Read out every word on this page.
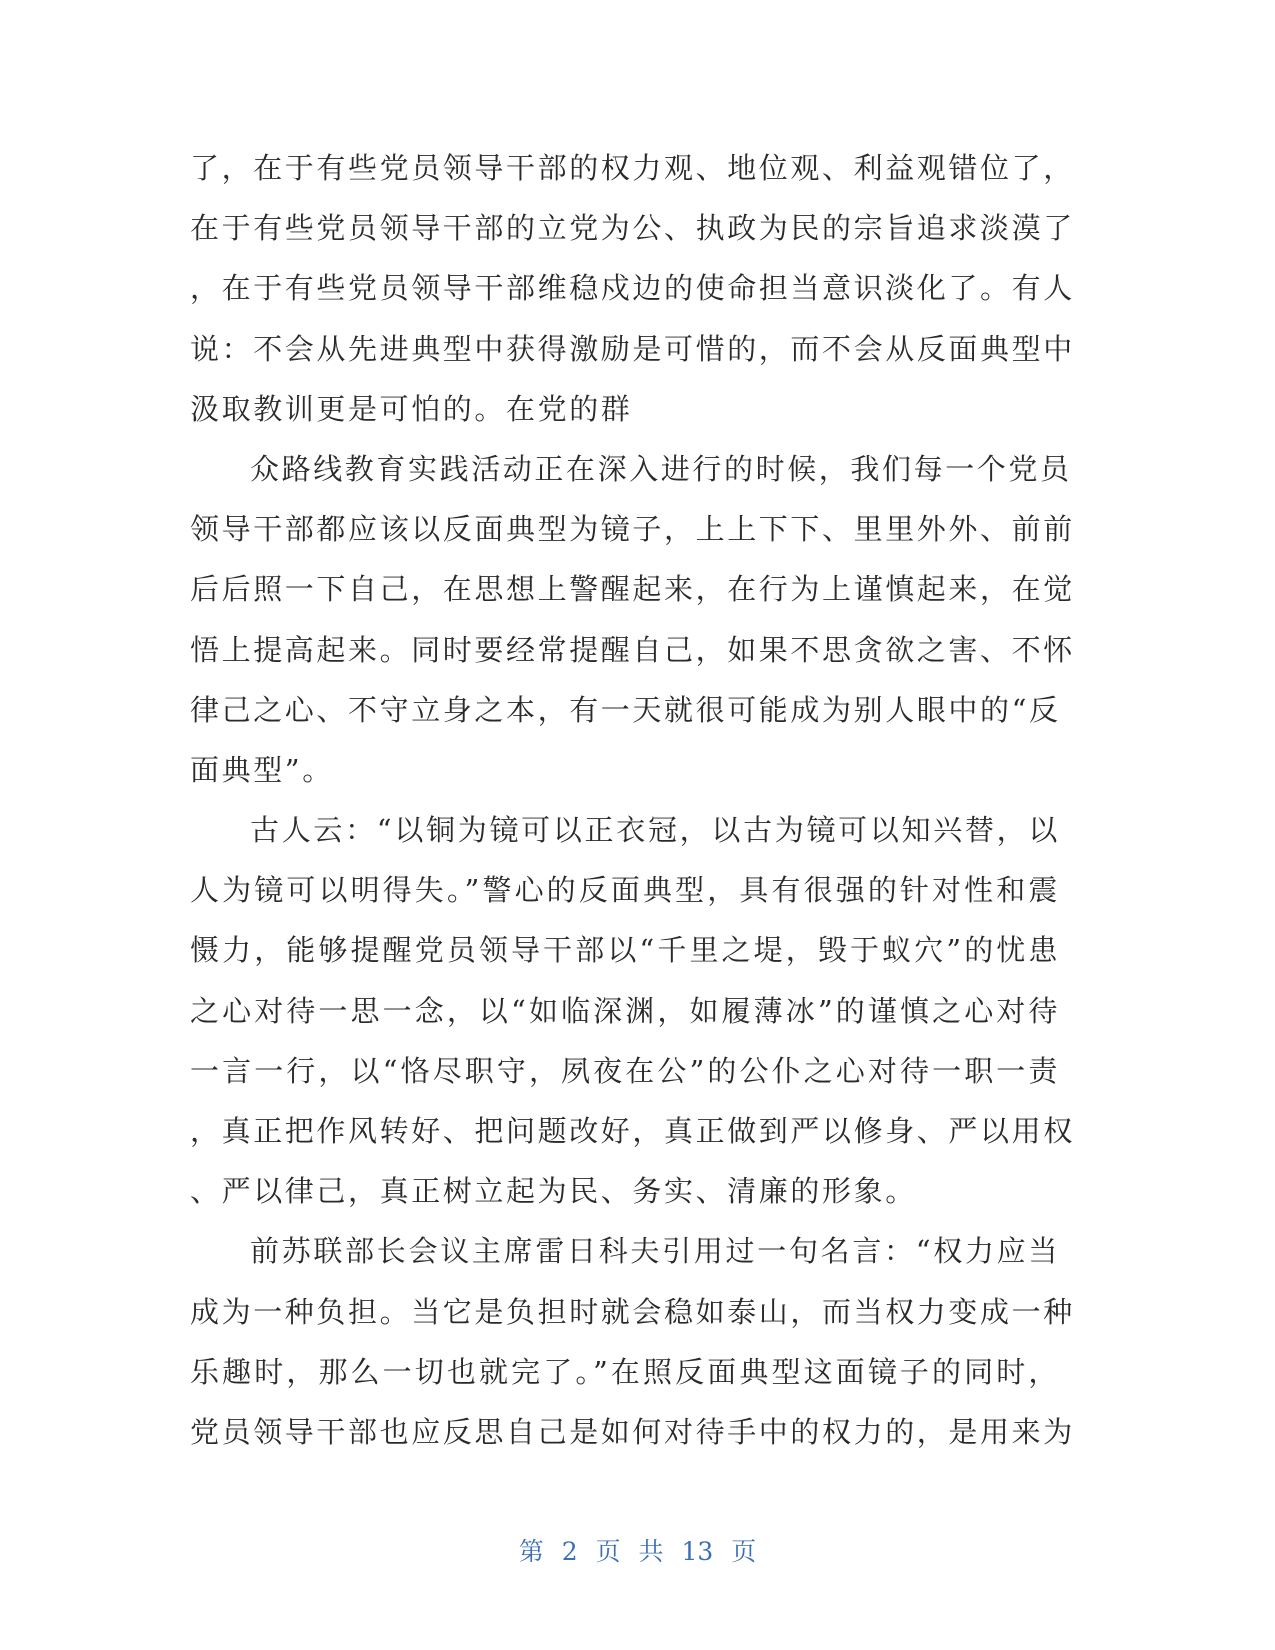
了，在于有些党员领导干部的权力观、地位观、利益观错位了，
在于有些党员领导干部的立党为公、执政为民的宗旨追求淡漠了
，在于有些党员领导干部维稳戍边的使命担当意识淡化了。有人
说：不会从先进典型中获得激励是可惜的，而不会从反面典型中
汲取教训更是可怕的。在党的群
众路线教育实践活动正在深入进行的时候，我们每一个党员
领导干部都应该以反面典型为镜子，上上下下、里里外外、前前
后后照一下自己，在思想上警醒起来，在行为上谨慎起来，在觉
悟上提高起来。同时要经常提醒自己，如果不思贪欲之害、不怀
律己之心、不守立身之本，有一天就很可能成为别人眼中的“反
面典型”。
古人云：“以铜为镜可以正衣冠，以古为镜可以知兴替，以
人为镜可以明得失。”警心的反面典型，具有很强的针对性和震
慑力，能够提醒党员领导干部以“千里之堤，毁于蚁穴”的忧患
之心对待一思一念，以“如临深渊，如履薄冰”的谨慎之心对待
一言一行，以“恪尽职守，夙夜在公”的公仆之心对待一职一责
，真正把作风转好、把问题改好，真正做到严以修身、严以用权
、严以律己，真正树立起为民、务实、清廉的形象。
前苏联部长会议主席雷日科夫引用过一句名言：“权力应当
成为一种负担。当它是负担时就会稳如泰山，而当权力变成一种
乐趣时，那么一切也就完了。”在照反面典型这面镜子的同时，
党员领导干部也应反思自己是如何对待手中的权力的，是用来为
第 2 页 共 13 页
